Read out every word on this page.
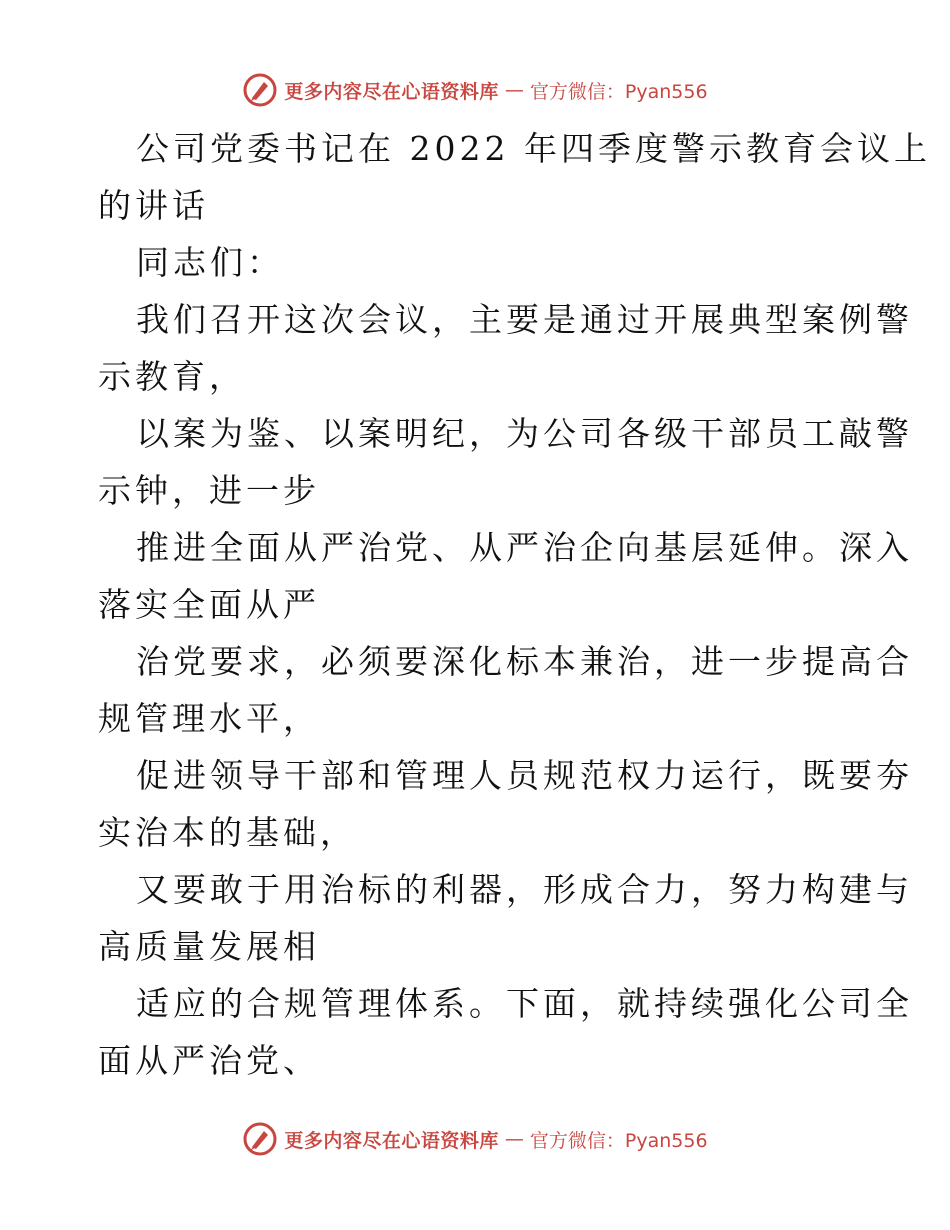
更多内容尽在心语资料库 — 官方微信：Pyan556
公司党委书记在 2022 年四季度警示教育会议上
的讲话
同志们：
我们召开这次会议，主要是通过开展典型案例警
示教育，
以案为鉴、以案明纪，为公司各级干部员工敲警
示钟，进一步
推进全面从严治党、从严治企向基层延伸。深入
落实全面从严
治党要求，必须要深化标本兼治，进一步提高合
规管理水平，
促进领导干部和管理人员规范权力运行，既要夯
实治本的基础，
又要敢于用治标的利器，形成合力，努力构建与
高质量发展相
适应的合规管理体系。下面，就持续强化公司全
面从严治党、
更多内容尽在心语资料库 — 官方微信：Pyan556
